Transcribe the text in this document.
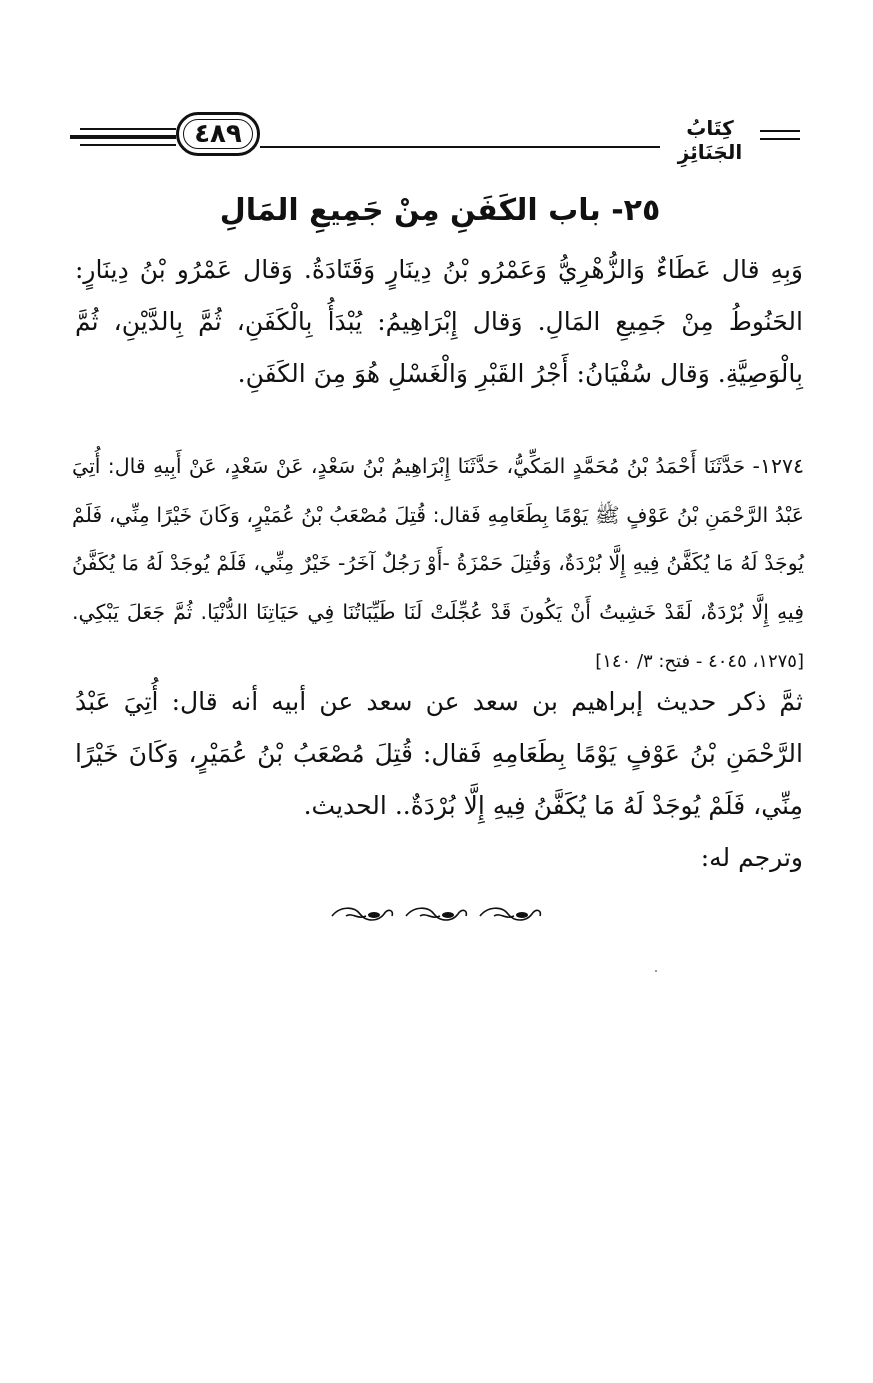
٤٨٩	كِتَابُ الجَنَائِزِ
٢٥- باب الكَفَنِ مِنْ جَمِيعِ المَالِ
وَبِهِ قال عَطَاءٌ وَالزُّهْرِيُّ وَعَمْرُو بْنُ دِينَارٍ وَقَتَادَةُ. وَقال عَمْرُو بْنُ دِينَارٍ: الحَنُوطُ مِنْ جَمِيعِ المَالِ. وَقال إِبْرَاهِيمُ: يُبْدَأُ بِالْكَفَنِ، ثُمَّ بِالدَّيْنِ، ثُمَّ بِالْوَصِيَّةِ. وَقال سُفْيَانُ: أَجْرُ القَبْرِ وَالْغَسْلِ هُوَ مِنَ الكَفَنِ.
١٢٧٤- حَدَّثَنَا أَحْمَدُ بْنُ مُحَمَّدٍ المَكِّيُّ، حَدَّثَنَا إِبْرَاهِيمُ بْنُ سَعْدٍ، عَنْ سَعْدٍ، عَنْ أَبِيهِ قال: أُتِيَ عَبْدُ الرَّحْمَنِ بْنُ عَوْفٍ ﷺ يَوْمًا بِطَعَامِهِ فَقال: قُتِلَ مُصْعَبُ بْنُ عُمَيْرٍ، وَكَانَ خَيْرًا مِنِّي، فَلَمْ يُوجَدْ لَهُ مَا يُكَفَّنُ فِيهِ إِلَّا بُرْدَةٌ، وَقُتِلَ حَمْزَةُ -أَوْ رَجُلٌ آخَرُ- خَيْرٌ مِنِّي، فَلَمْ يُوجَدْ لَهُ مَا يُكَفَّنُ فِيهِ إِلَّا بُرْدَةٌ، لَقَدْ خَشِيتُ أَنْ يَكُونَ قَدْ عُجِّلَتْ لَنَا طَيِّبَاتُنَا فِي حَيَاتِنَا الدُّنْيَا. ثُمَّ جَعَلَ يَبْكِي. [١٢٧٥، ٤٠٤٥ - فتح: ٣/ ١٤٠]
ثمَّ ذكر حديث إبراهيم بن سعد عن سعد عن أبيه أنه قال: أُتِيَ عَبْدُ الرَّحْمَنِ بْنُ عَوْفٍ يَوْمًا بِطَعَامِهِ فَقال: قُتِلَ مُصْعَبُ بْنُ عُمَيْرٍ، وَكَانَ خَيْرًا مِنِّي، فَلَمْ يُوجَدْ لَهُ مَا يُكَفَّنُ فِيهِ إِلَّا بُرْدَةٌ.. الحديث.
وترجم له:
